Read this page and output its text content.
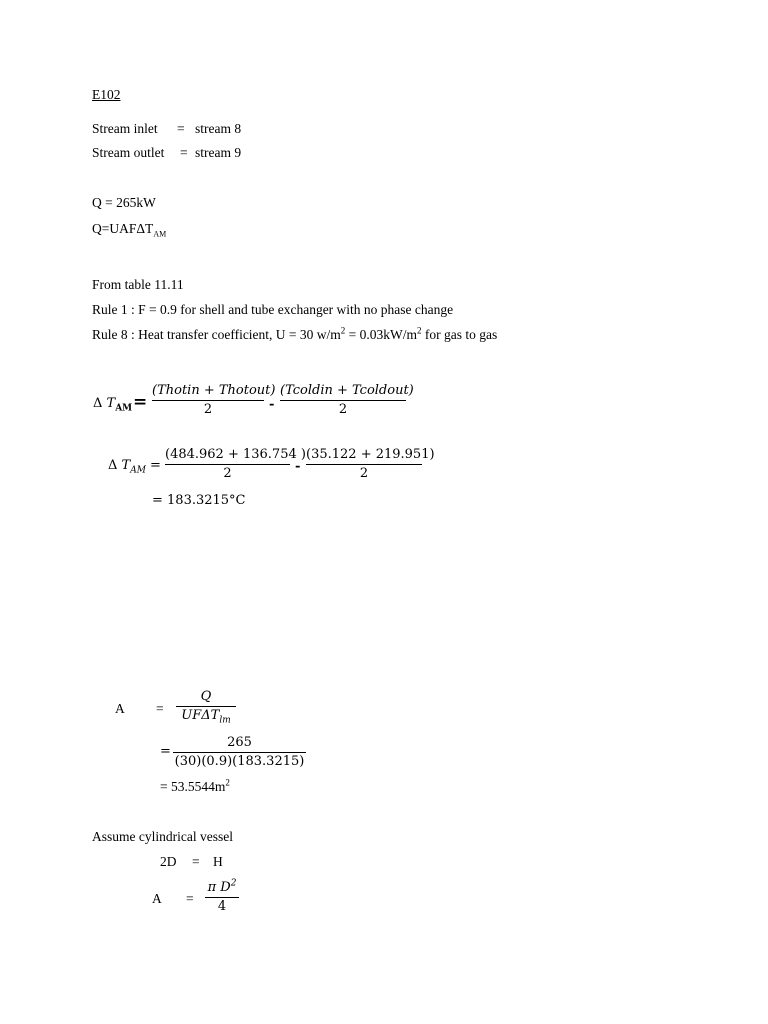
E102
Stream inlet = stream 8
Stream outlet = stream 9
Q = 265kW
$Q=UAF\Delta T_{AM}$
From table 11.11
Rule 1 : F = 0.9 for shell and tube exchanger with no phase change
Rule 8 : Heat transfer coefficient, U = 30 $w/m^2 = 0.03kW/m^2$ for gas to gas
Δ $T_{AM}$ =
(Thotin + Thotout)
2	-
(Tcoldin + Tcoldout)
2
Δ $T_{AM}$ =
(484.962 + 136.754 )
2	-
(35.122 + 219.951)
2
= 183.3215°C
A =
Q
$UF\Delta T_{lm}$
=
265
(30)(0.9)(183.3215)
= $53.5544m^2$
Assume cylindrical vessel
2D = H
A =
π $D^2$
4
